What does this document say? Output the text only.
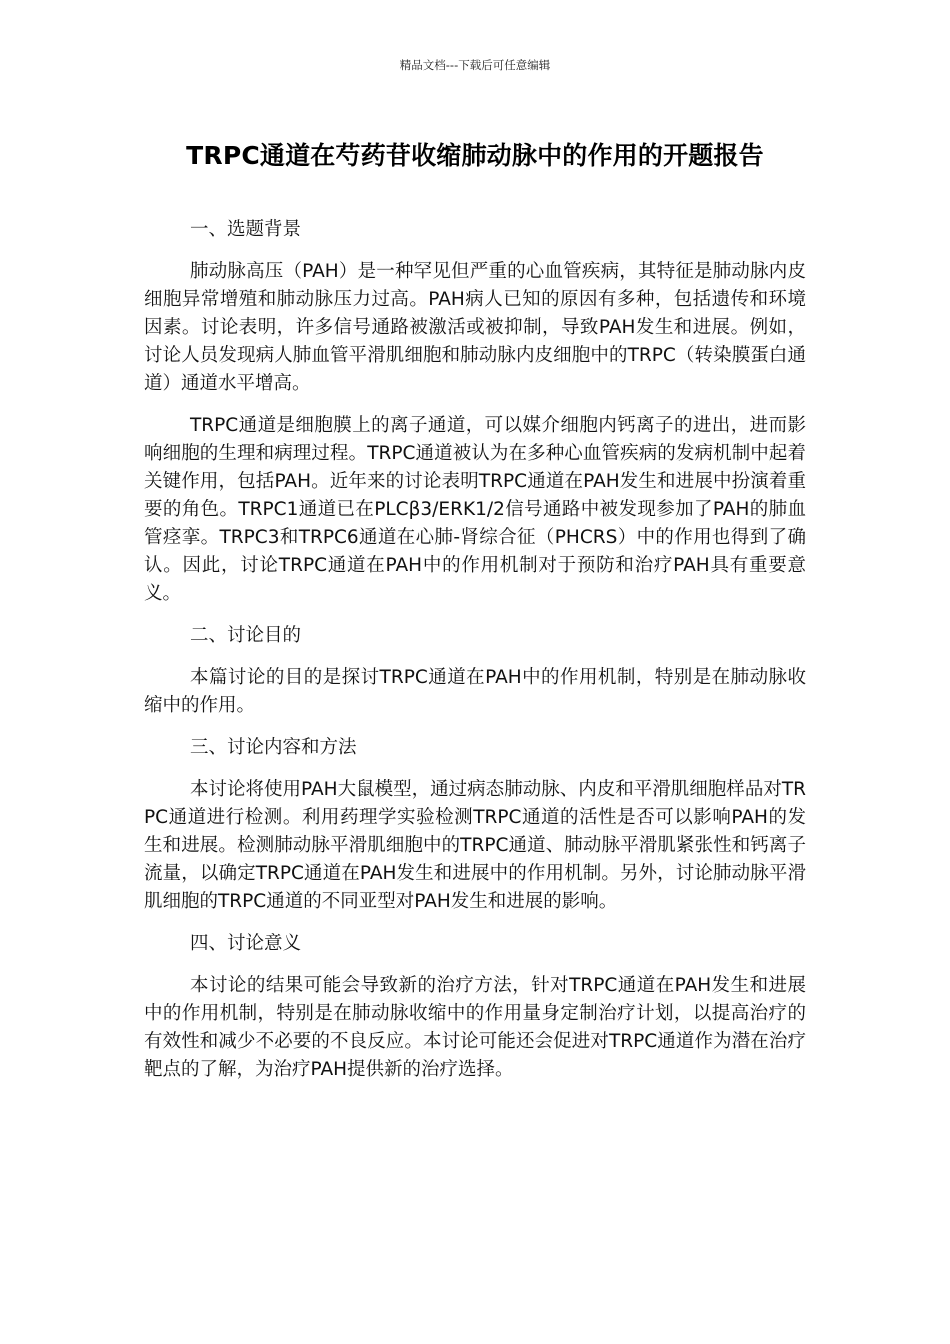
精品文档---下载后可任意编辑
TRPC通道在芍药苷收缩肺动脉中的作用的开题报告
一、选题背景

肺动脉高压（PAH）是一种罕见但严重的心血管疾病，其特征是肺动脉内皮细胞异常增殖和肺动脉压力过高。PAH病人已知的原因有多种，包括遗传和环境因素。讨论表明，许多信号通路被激活或被抑制，导致PAH发生和进展。例如，讨论人员发现病人肺血管平滑肌细胞和肺动脉内皮细胞中的TRPC（转染膜蛋白通道）通道水平增高。

TRPC通道是细胞膜上的离子通道，可以媒介细胞内钙离子的进出，进而影响细胞的生理和病理过程。TRPC通道被认为在多种心血管疾病的发病机制中起着关键作用，包括PAH。近年来的讨论表明TRPC通道在PAH发生和进展中扮演着重要的角色。TRPC1通道已在PLCβ3/ERK1/2信号通路中被发现参加了PAH的肺血管痉挛。TRPC3和TRPC6通道在心肺-肾综合征（PHCRS）中的作用也得到了确认。因此，讨论TRPC通道在PAH中的作用机制对于预防和治疗PAH具有重要意义。

二、讨论目的

本篇讨论的目的是探讨TRPC通道在PAH中的作用机制，特别是在肺动脉收缩中的作用。

三、讨论内容和方法

本讨论将使用PAH大鼠模型，通过病态肺动脉、内皮和平滑肌细胞样品对TRPC通道进行检测。利用药理学实验检测TRPC通道的活性是否可以影响PAH的发生和进展。检测肺动脉平滑肌细胞中的TRPC通道、肺动脉平滑肌紧张性和钙离子流量，以确定TRPC通道在PAH发生和进展中的作用机制。另外，讨论肺动脉平滑肌细胞的TRPC通道的不同亚型对PAH发生和进展的影响。

四、讨论意义

本讨论的结果可能会导致新的治疗方法，针对TRPC通道在PAH发生和进展中的作用机制，特别是在肺动脉收缩中的作用量身定制治疗计划，以提高治疗的有效性和减少不必要的不良反应。本讨论可能还会促进对TRPC通道作为潜在治疗靶点的了解，为治疗PAH提供新的治疗选择。
